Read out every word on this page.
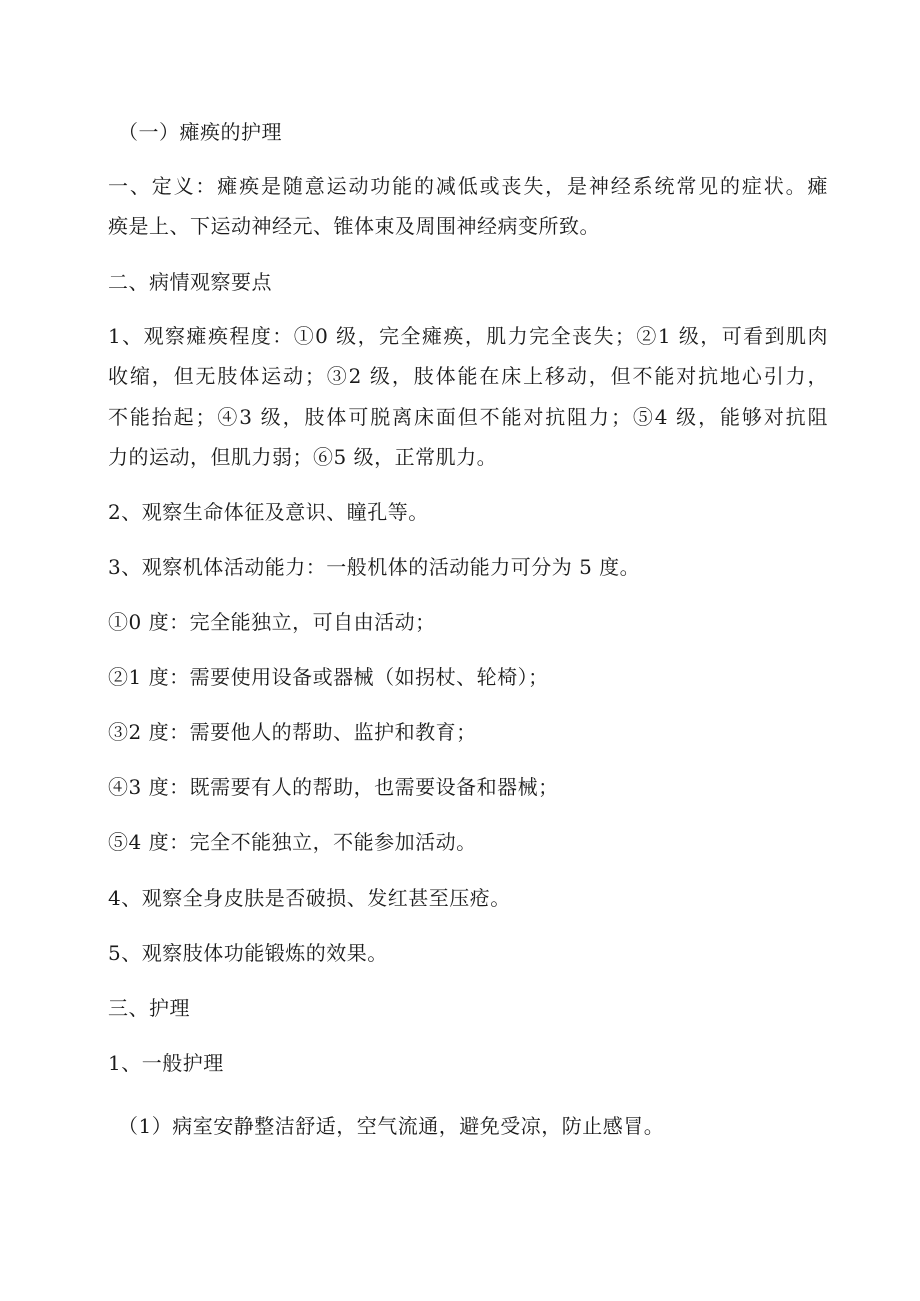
（一）瘫痪的护理
一、定义：瘫痪是随意运动功能的减低或丧失，是神经系统常见的症状。瘫
痪是上、下运动神经元、锥体束及周围神经病变所致。
二、病情观察要点
1、观察瘫痪程度：①0 级，完全瘫痪，肌力完全丧失；②1 级，可看到肌肉
收缩，但无肢体运动；③2 级，肢体能在床上移动，但不能对抗地心引力，
不能抬起；④3 级，肢体可脱离床面但不能对抗阻力；⑤4 级，能够对抗阻
力的运动，但肌力弱；⑥5 级，正常肌力。
2、观察生命体征及意识、瞳孔等。
3、观察机体活动能力：一般机体的活动能力可分为 5 度。
①0 度：完全能独立，可自由活动；
②1 度：需要使用设备或器械（如拐杖、轮椅）；
③2 度：需要他人的帮助、监护和教育；
④3 度：既需要有人的帮助，也需要设备和器械；
⑤4 度：完全不能独立，不能参加活动。
4、观察全身皮肤是否破损、发红甚至压疮。
5、观察肢体功能锻炼的效果。
三、护理
1、一般护理
（1）病室安静整洁舒适，空气流通，避免受凉，防止感冒。
